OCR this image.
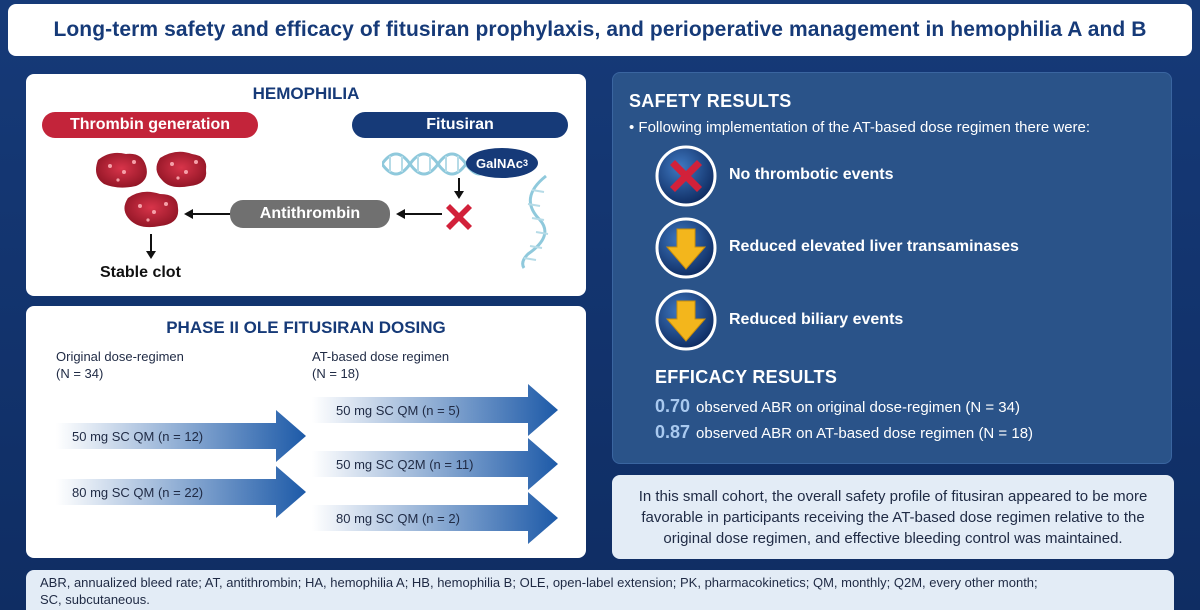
Long-term safety and efficacy of fitusiran prophylaxis, and perioperative management in hemophilia A and B
HEMOPHILIA
Thrombin generation	Fitusiran
Stable clot
Antithrombin
GalNAc 3
PHASE II OLE FITUSIRAN DOSING
Original dose-regimen
(N = 34)
AT-based dose regimen
(N = 18)
50 mg SC QM (n = 12)
80 mg SC QM (n = 22)
50 mg SC QM (n = 5)
50 mg SC Q2M (n = 11)
80 mg SC QM (n = 2)
SAFETY RESULTS
• Following implementation of the AT-based dose regimen there were:
No thrombotic events
Reduced elevated liver transaminases
Reduced biliary events
EFFICACY RESULTS
0.70 observed ABR on original dose-regimen (N = 34)
0.87 observed ABR on AT-based dose regimen (N = 18)
In this small cohort, the overall safety profile of fitusiran appeared to be more favorable in participants receiving the AT-based dose regimen relative to the original dose regimen, and effective bleeding control was maintained.
ABR, annualized bleed rate; AT, antithrombin; HA, hemophilia A; HB, hemophilia B; OLE, open-label extension; PK, pharmacokinetics; QM, monthly; Q2M, every other month;
SC, subcutaneous.
